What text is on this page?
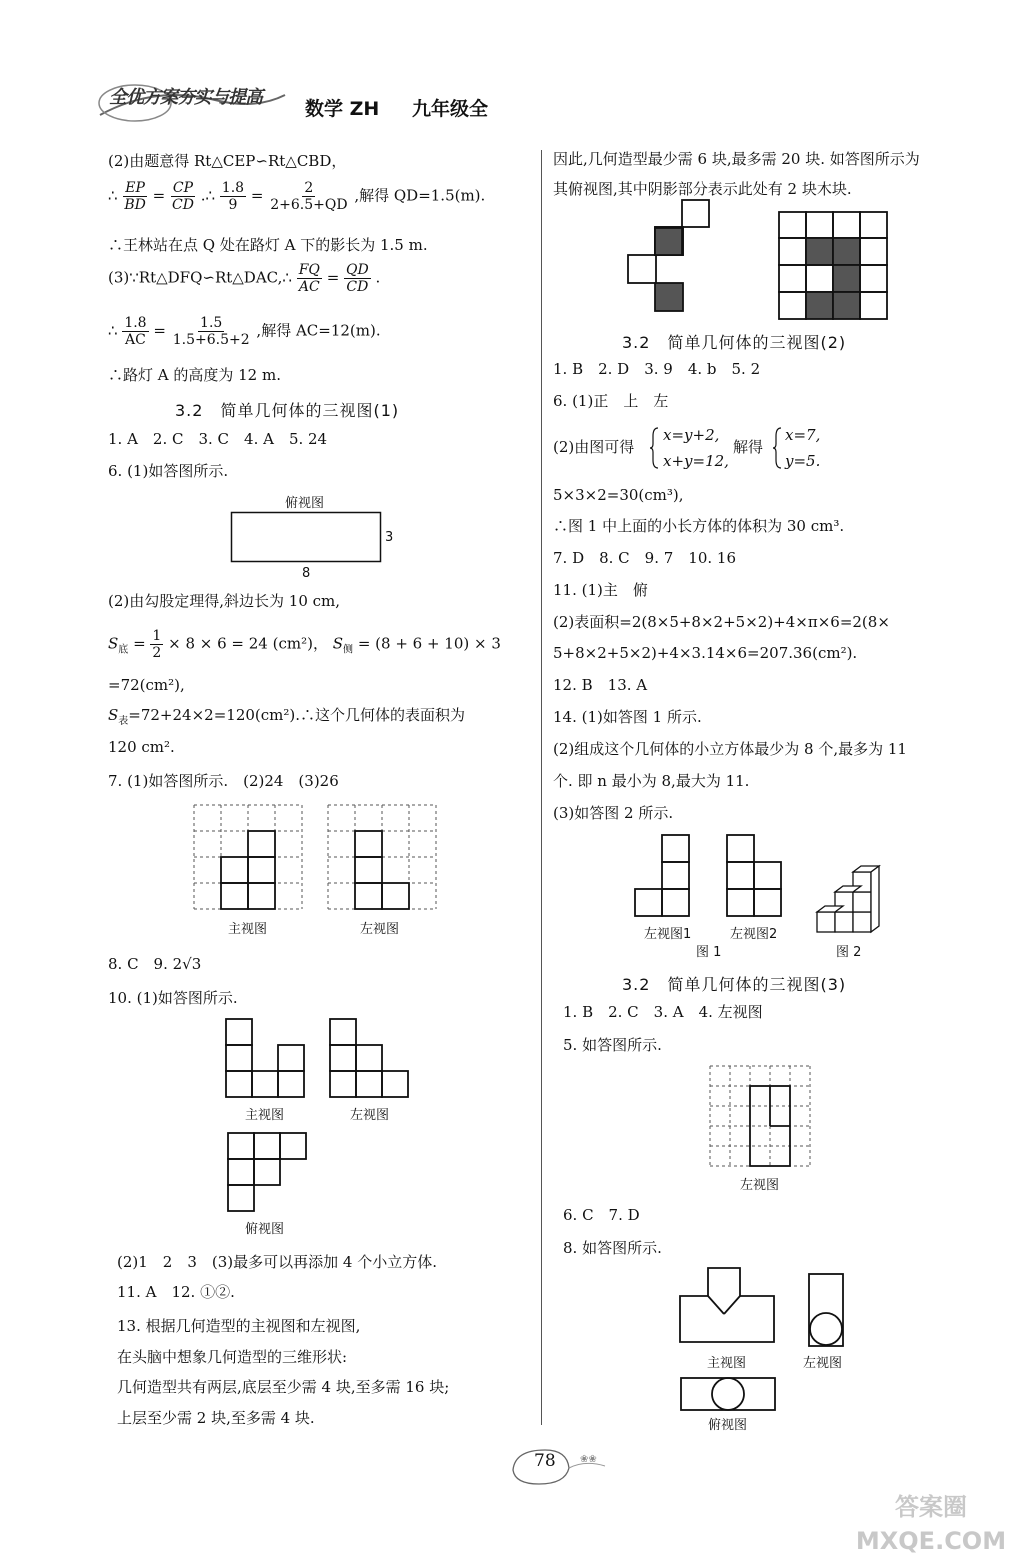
全优方案夯实与提高
数学 ZH 九年级全
(2)由题意得 Rt△CEP∽Rt△CBD，
∴ $\frac{EP}{BD} = \frac{CP}{CD}$ .∴ $\frac{1.8}{9} = \frac{2}{2+6.5+QD}$ ,解得 QD=1.5(m).
∴王林站在点 Q 处在路灯 A 下的影长为 1.5 m.
(3)∵Rt△DFQ∽Rt△DAC,∴ $\frac{FQ}{AC} = \frac{QD}{CD}$ .
∴ $\frac{1.8}{AC} = \frac{1.5}{1.5+6.5+2}$ ,解得 AC=12(m).
∴路灯 A 的高度为 12 m.
3.2　简单几何体的三视图(1)
1. A　2. C　3. C　4. A　5. 24
6. (1)如答图所示.
俯视图
3
8
(2)由勾股定理得,斜边长为 10 cm,
$S_底 = \frac{1}{2} \times 8 \times 6 = 24$ (cm²)， $S_侧 = (8 + 6 + 10) \times 3$
=72(cm²),
$S_表=72+24\times 2=120(cm^2).\therefore$这个几何体的表面积为
120 cm².
7. (1)如答图所示.　(2)24　(3)26
主视图	左视图
8. C　9. 2√3
10. (1)如答图所示.
主视图	左视图
俯视图
(2)1　2　3　(3)最多可以再添加 4 个小立方体.
11. A　12. ①②.
13. 根据几何造型的主视图和左视图,
在头脑中想象几何造型的三维形状:
几何造型共有两层,底层至少需 4 块,至多需 16 块;
上层至少需 2 块,至多需 4 块.
因此,几何造型最少需 6 块,最多需 20 块. 如答图所示为
其俯视图,其中阴影部分表示此处有 2 块木块.
3.2　简单几何体的三视图(2)
1. B　2. D　3. 9　4. b　5. 2
6. (1)正　上　左
(2)由图可得
x=y+2,
x+y=12,
解得
x=7,
y=5.
5×3×2=30(cm³),
∴图 1 中上面的小长方体的体积为 30 cm³.
7. D　8. C　9. 7　10. 16
11. (1)主　俯
(2)表面积=2(8×5+8×2+5×2)+4×π×6=2(8×
5+8×2+5×2)+4×3.14×6=207.36(cm²).
12. B　13. A
14. (1)如答图 1 所示.
(2)组成这个几何体的小立方体最少为 8 个,最多为 11
个. 即 n 最小为 8,最大为 11.
(3)如答图 2 所示.
左视图1	左视图2
图 1	图 2
3.2　简单几何体的三视图(3)
1. B　2. C　3. A　4. 左视图
5. 如答图所示.
左视图
6. C　7. D
8. 如答图所示.
主视图	左视图
俯视图
❀❀
78
答案圈 MXQE.COM
